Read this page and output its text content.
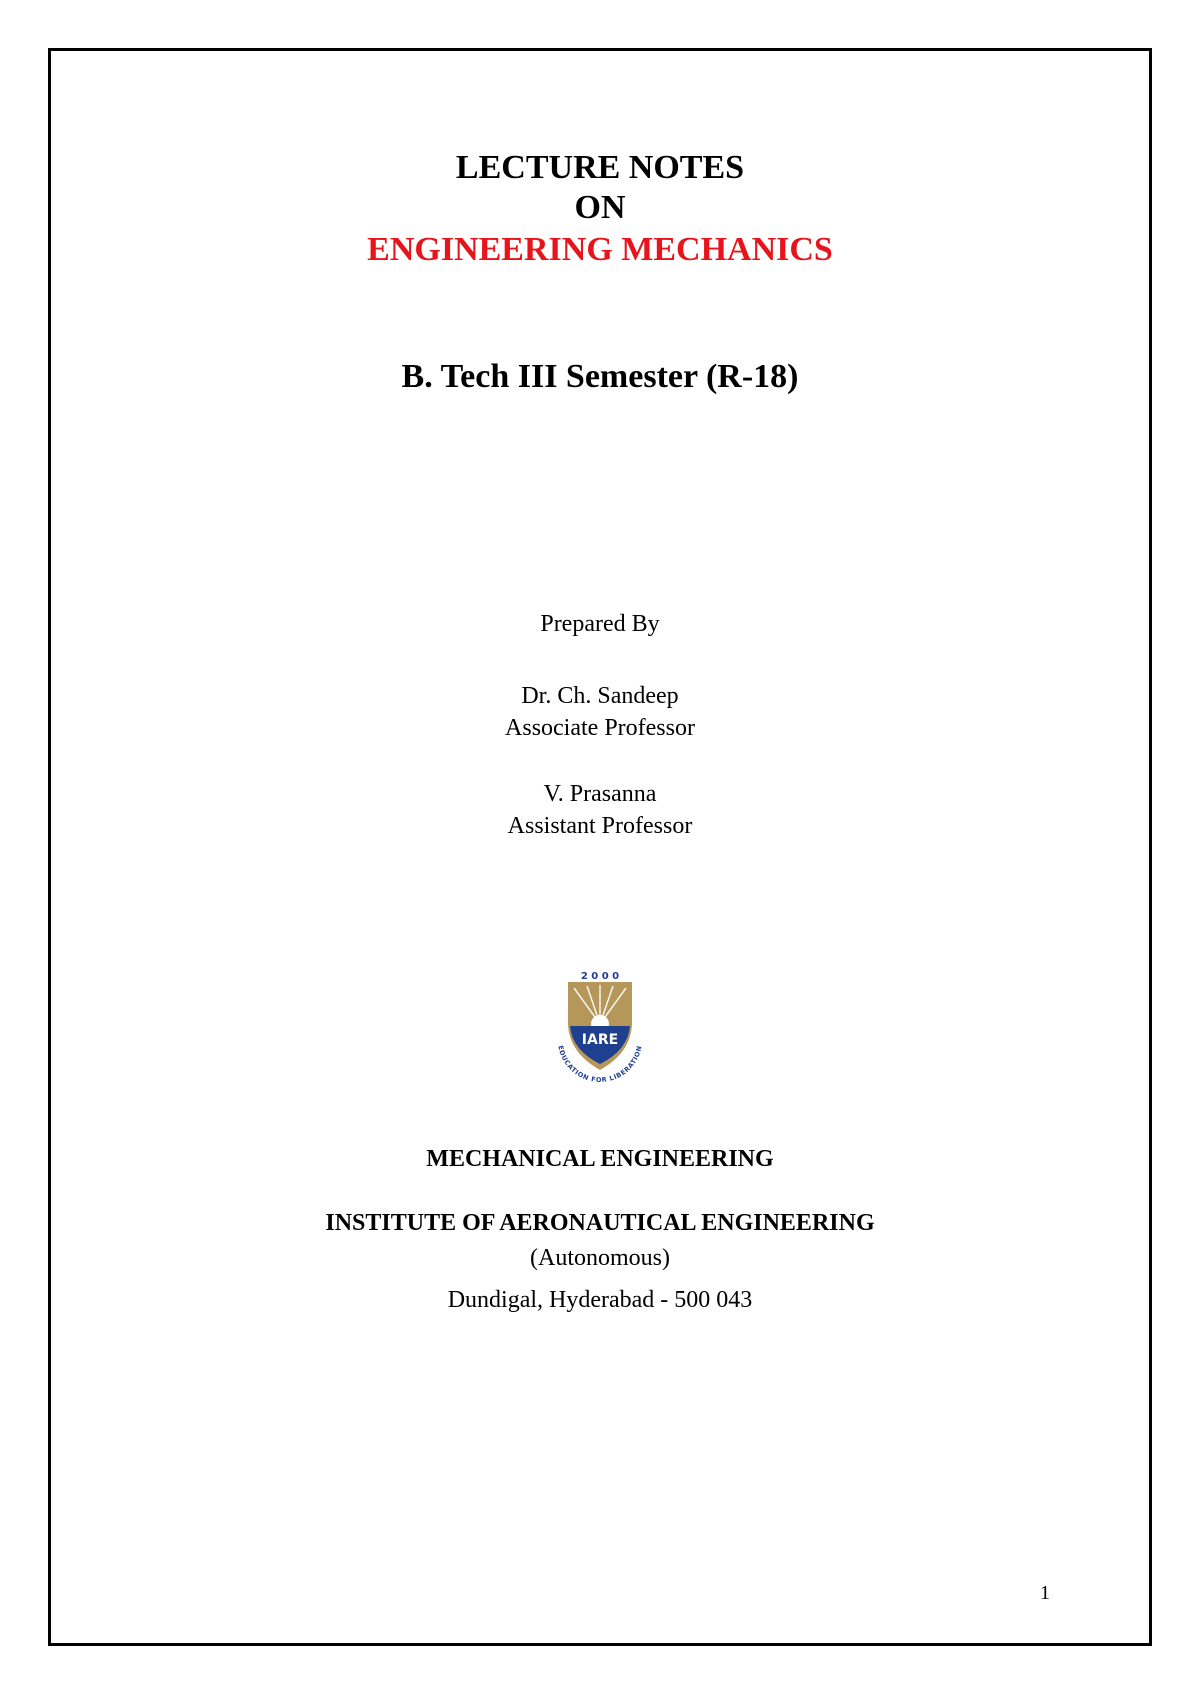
LECTURE NOTES
ON
ENGINEERING MECHANICS
B. Tech III Semester (R-18)
Prepared By
Dr. Ch. Sandeep
Associate Professor
V. Prasanna
Assistant Professor
2 0 0 0
IARE
EDUCATION FOR LIBERATION
MECHANICAL ENGINEERING
INSTITUTE OF AERONAUTICAL ENGINEERING
(Autonomous)
Dundigal, Hyderabad - 500 043
1
